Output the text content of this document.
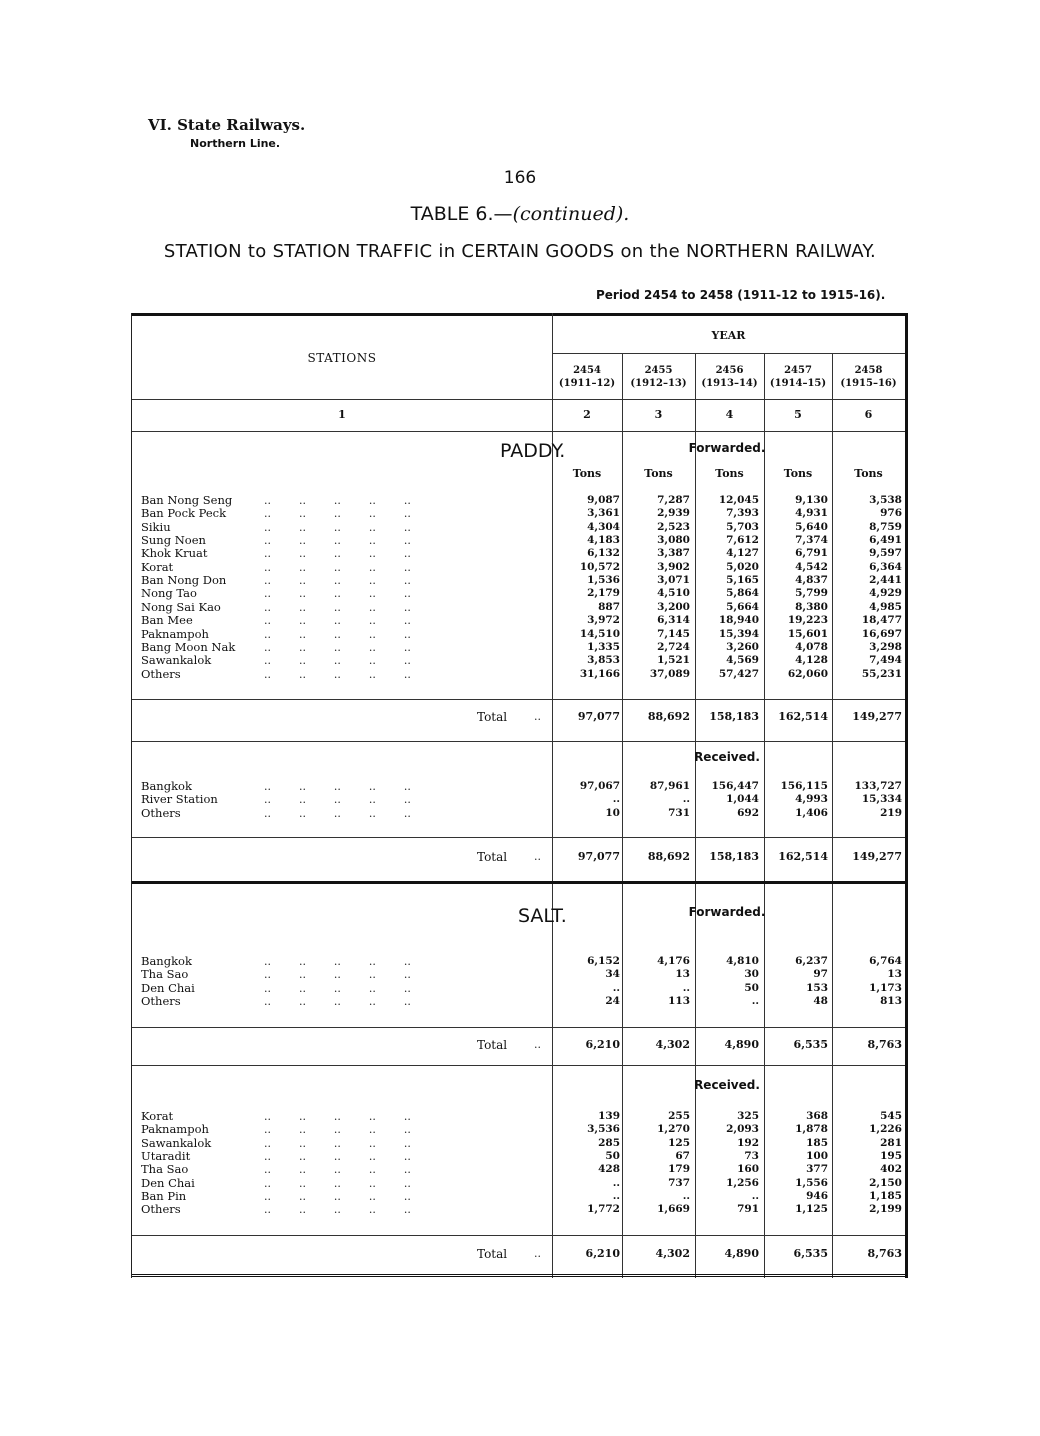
VI. State Railways.
Northern Line.
166
TABLE 6.—(continued).
STATION to STATION TRAFFIC in CERTAIN GOODS on the NORTHERN RAILWAY.
Period 2454 to 2458 (1911-12 to 1915-16).
STATIONS
YEAR
2454
(1911–12)
2455
(1912–13)
2456
(1913–14)
2457
(1914–15)
2458
(1915–16)
1	2	3	4	5	6
PADDY.	Forwarded.
Tons	Tons	Tons	Tons	Tons
Ban Nong Seng	..        ..        ..        ..        ..	9,087	7,287	12,045	9,130	3,538
Ban Pock Peck	..        ..        ..        ..        ..	3,361	2,939	7,393	4,931	976
Sikiu	..        ..        ..        ..        ..	4,304	2,523	5,703	5,640	8,759
Sung Noen	..        ..        ..        ..        ..	4,183	3,080	7,612	7,374	6,491
Khok Kruat	..        ..        ..        ..        ..	6,132	3,387	4,127	6,791	9,597
Korat	..        ..        ..        ..        ..	10,572	3,902	5,020	4,542	6,364
Ban Nong Don	..        ..        ..        ..        ..	1,536	3,071	5,165	4,837	2,441
Nong Tao	..        ..        ..        ..        ..	2,179	4,510	5,864	5,799	4,929
Nong Sai Kao	..        ..        ..        ..        ..	887	3,200	5,664	8,380	4,985
Ban Mee	..        ..        ..        ..        ..	3,972	6,314	18,940	19,223	18,477
Paknampoh	..        ..        ..        ..        ..	14,510	7,145	15,394	15,601	16,697
Bang Moon Nak	..        ..        ..        ..        ..	1,335	2,724	3,260	4,078	3,298
Sawankalok	..        ..        ..        ..        ..	3,853	1,521	4,569	4,128	7,494
Others	..        ..        ..        ..        ..	31,166	37,089	57,427	62,060	55,231
Total ..	97,077	88,692 158,183 162,514 149,277
Received.
Bangkok	..        ..        ..        ..        ..	97,067	87,961 156,447 156,115	133,727
River Station	..        ..        ..        ..        ..	..	..	1,044	4,993	15,334
Others	..        ..        ..        ..        ..	10	731	692	1,406	219
Total ..	97,077	88,692 158,183 162,514 149,277
SALT.	Forwarded.
Bangkok	..        ..        ..        ..        ..	6,152	4,176	4,810	6,237	6,764
Tha Sao	..        ..        ..        ..        ..	34	13	30	97	13
Den Chai	..        ..        ..        ..        ..	..	..	50	153	1,173
Others	..        ..        ..        ..        ..	24	113	..	48	813
Total ..	6,210	4,302	4,890	6,535	8,763
Received.
Korat	..        ..        ..        ..        ..	139	255	325	368	545
Paknampoh	..        ..        ..        ..        ..	3,536	1,270	2,093	1,878	1,226
Sawankalok	..        ..        ..        ..        ..	285	125	192	185	281
Utaradit	..        ..        ..        ..        ..	50	67	73	100	195
Tha Sao	..        ..        ..        ..        ..	428	179	160	377	402
Den Chai	..        ..        ..        ..        ..	..	737	1,256	1,556	2,150
Ban Pin	..        ..        ..        ..        ..	..	..	..	946	1,185
Others	..        ..        ..        ..        ..	1,772	1,669	791	1,125	2,199
Total ..	6,210	4,302	4,890	6,535	8,763
